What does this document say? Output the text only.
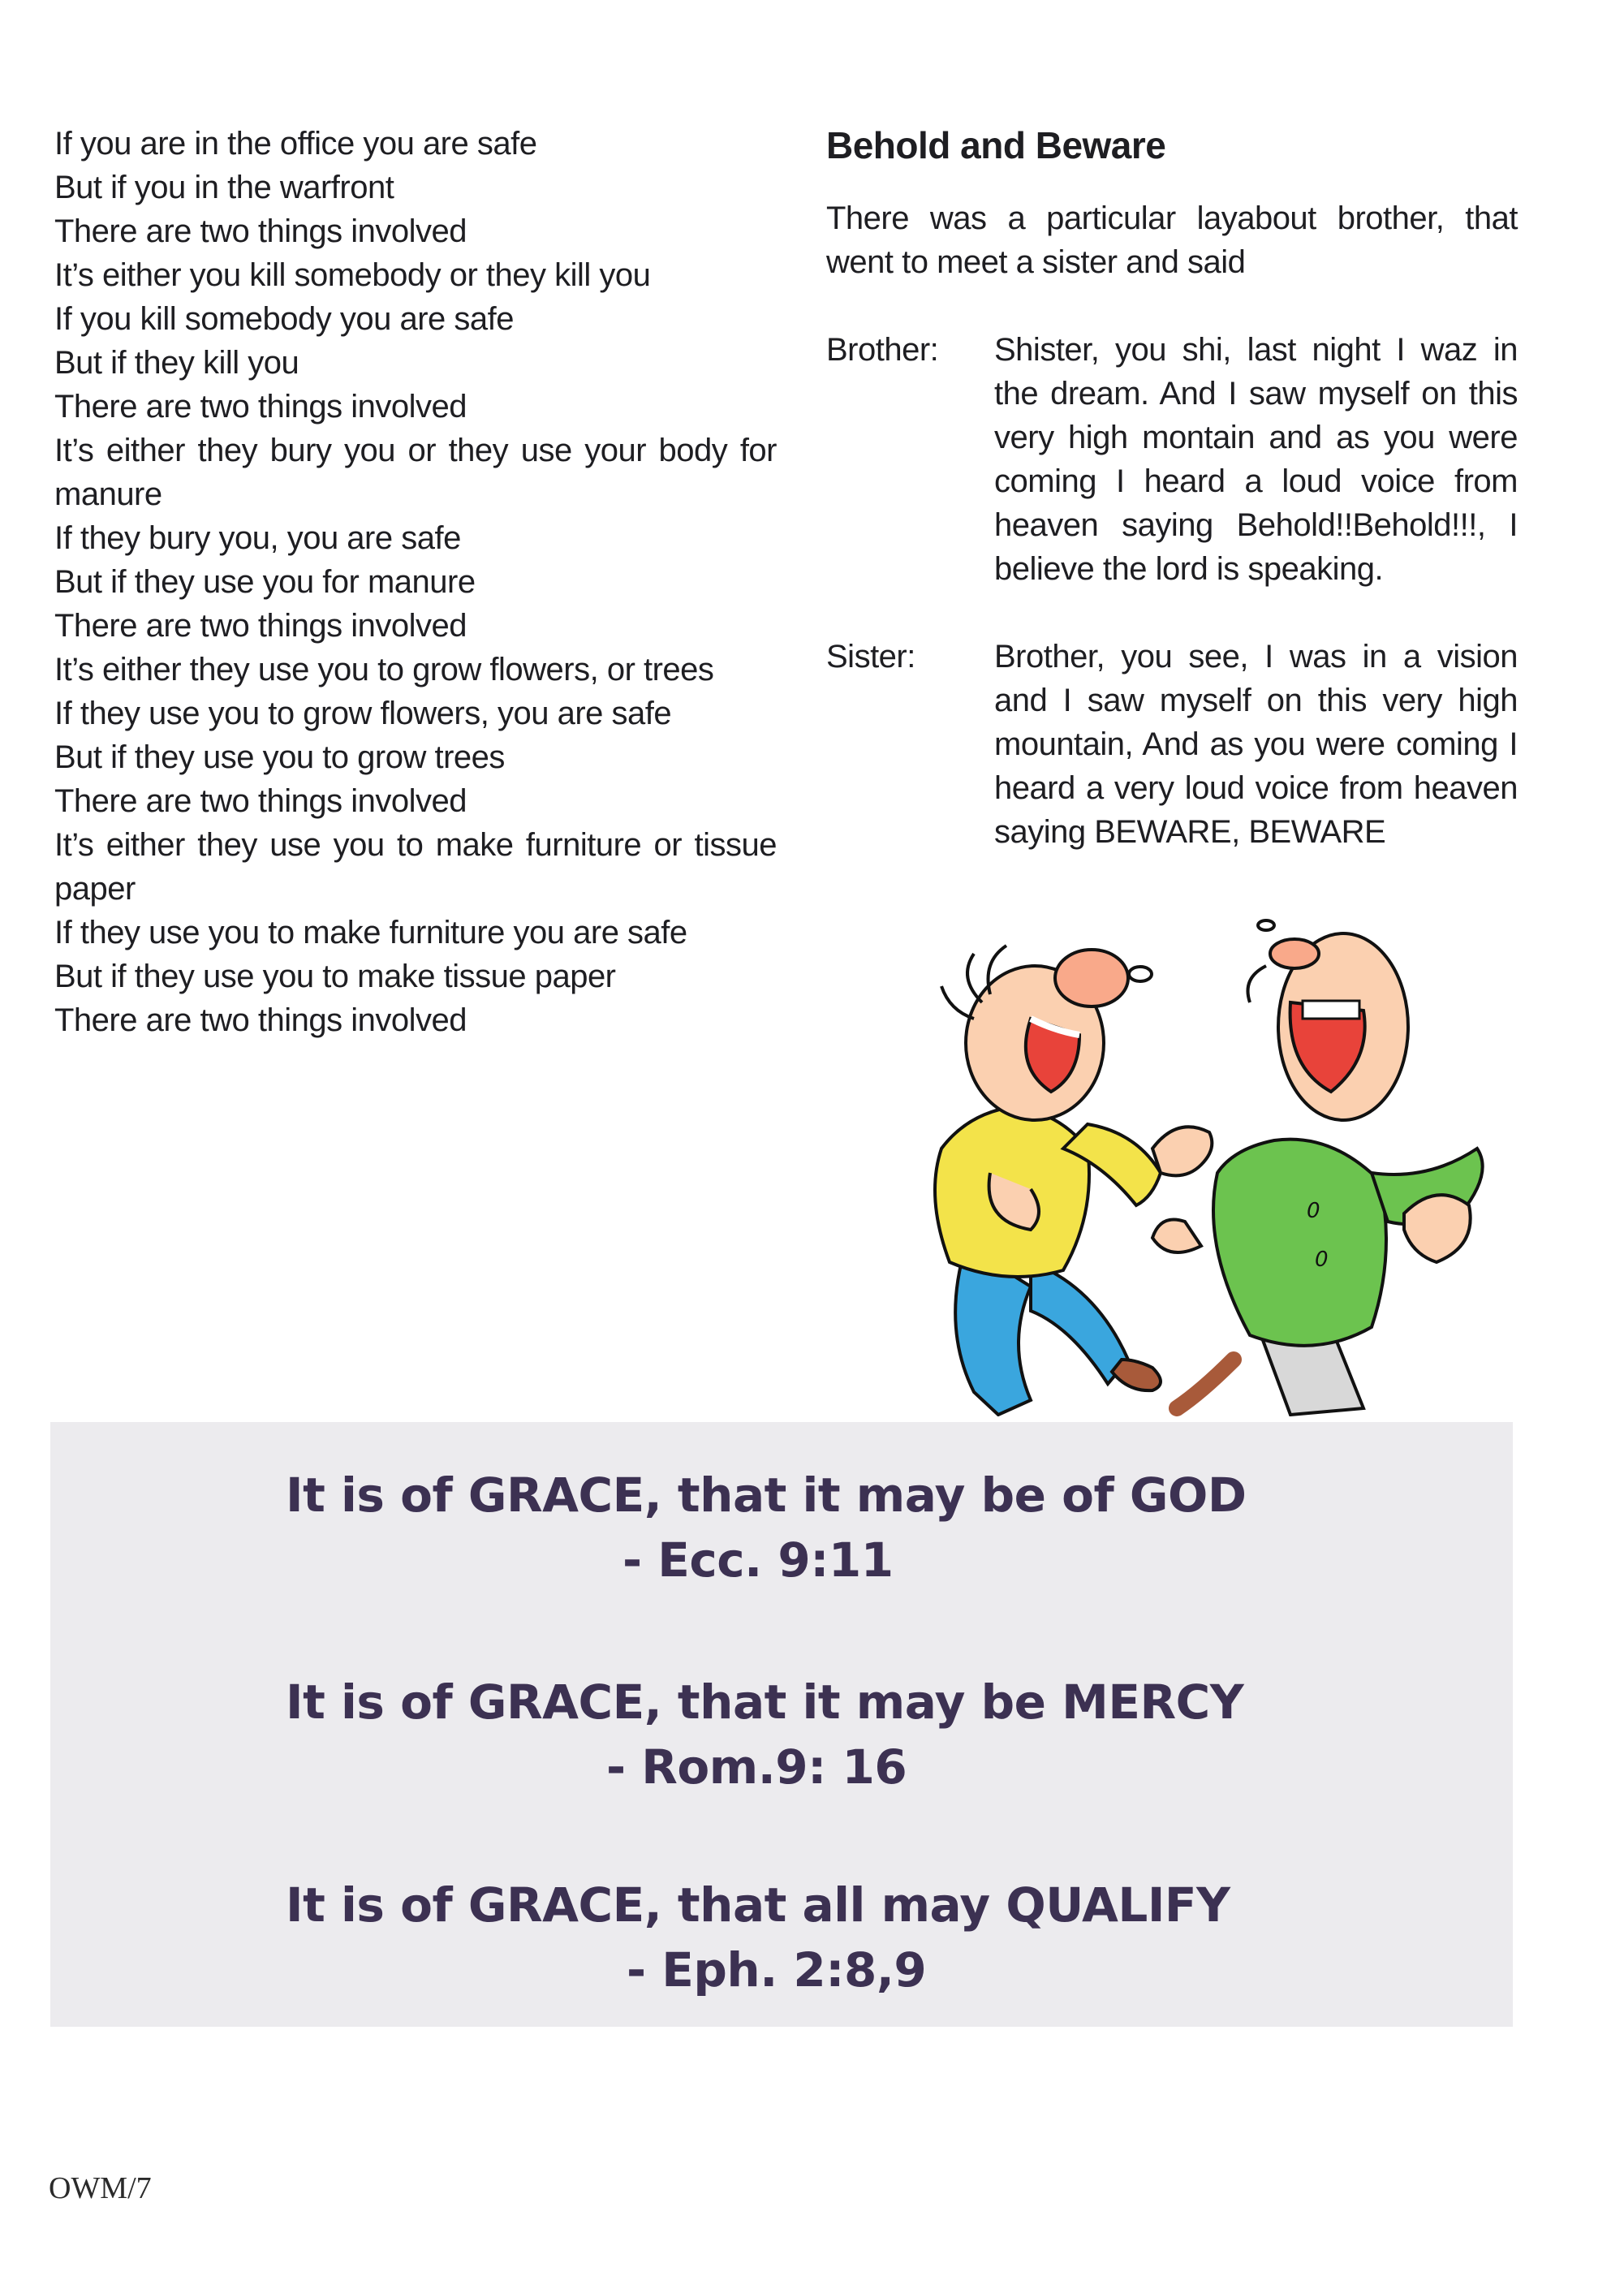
If you are in the office you are safe
But if you in the warfront
There are two things involved
It’s either you kill somebody or they kill you
If you kill somebody you are safe
But if they kill you
There are two things involved
It’s either they bury you or they use your body for manure
If they bury you, you are safe
But if they use you for manure
There are two things involved
It’s either they use you to grow flowers, or trees
If they use you to grow flowers, you are safe
But if they use you to grow trees
There are two things involved
It’s either they use you to make furniture or tissue paper
If they use you to make furniture you are safe
But if they use you to make tissue paper
There are two things involved
Behold and Beware
There was a particular layabout brother, that went to meet a sister and said
Brother:	Shister, you shi, last night I waz in the dream. And I saw myself on this very high montain and as you were coming I heard a loud voice from heaven saying Behold!!Behold!!!, I believe the lord is speaking.
Sister:	Brother, you see, I was in a vision and I saw myself on this very high mountain, And as you were coming I heard a very loud voice from heaven saying BEWARE, BEWARE
0
0
It is of GRACE, that it may be of GOD
- Ecc. 9:11
It is of GRACE, that it may be MERCY
- Rom.9: 16
It is of GRACE, that all may QUALIFY
- Eph. 2:8,9
OWM/7
